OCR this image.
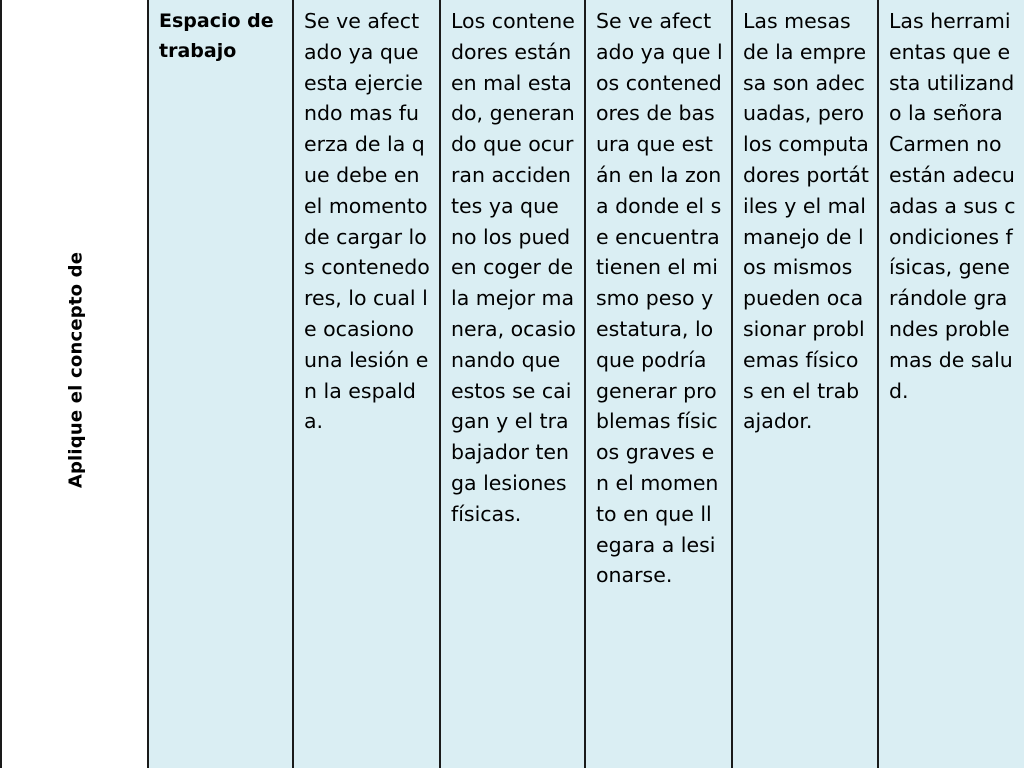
Aplique el concepto de
Espacio de trabajo
Se ve afectado ya que esta ejerciendo mas fuerza de la que debe en el momento de cargar los contenedores, lo cual le ocasiono una lesión en la espalda.
Los contenedores están en mal estado, generando que ocurran accidentes ya que no los pueden coger de la mejor manera, ocasionando que estos se caigan y el trabajador tenga lesiones físicas.
Se ve afectado ya que los contenedores de basura que están en la zona donde el se encuentra tienen el mismo peso y estatura, lo que podría generar problemas físicos graves en el momento en que llegara a lesionarse.
Las mesas de la empresa son adecuadas, pero los computadores portátiles y el mal manejo de los mismos pueden ocasionar problemas físicos en el trabajador.
Las herramientas que esta utilizando la señora Carmen no están adecuadas a sus condiciones físicas, generándole grandes problemas de salud.
